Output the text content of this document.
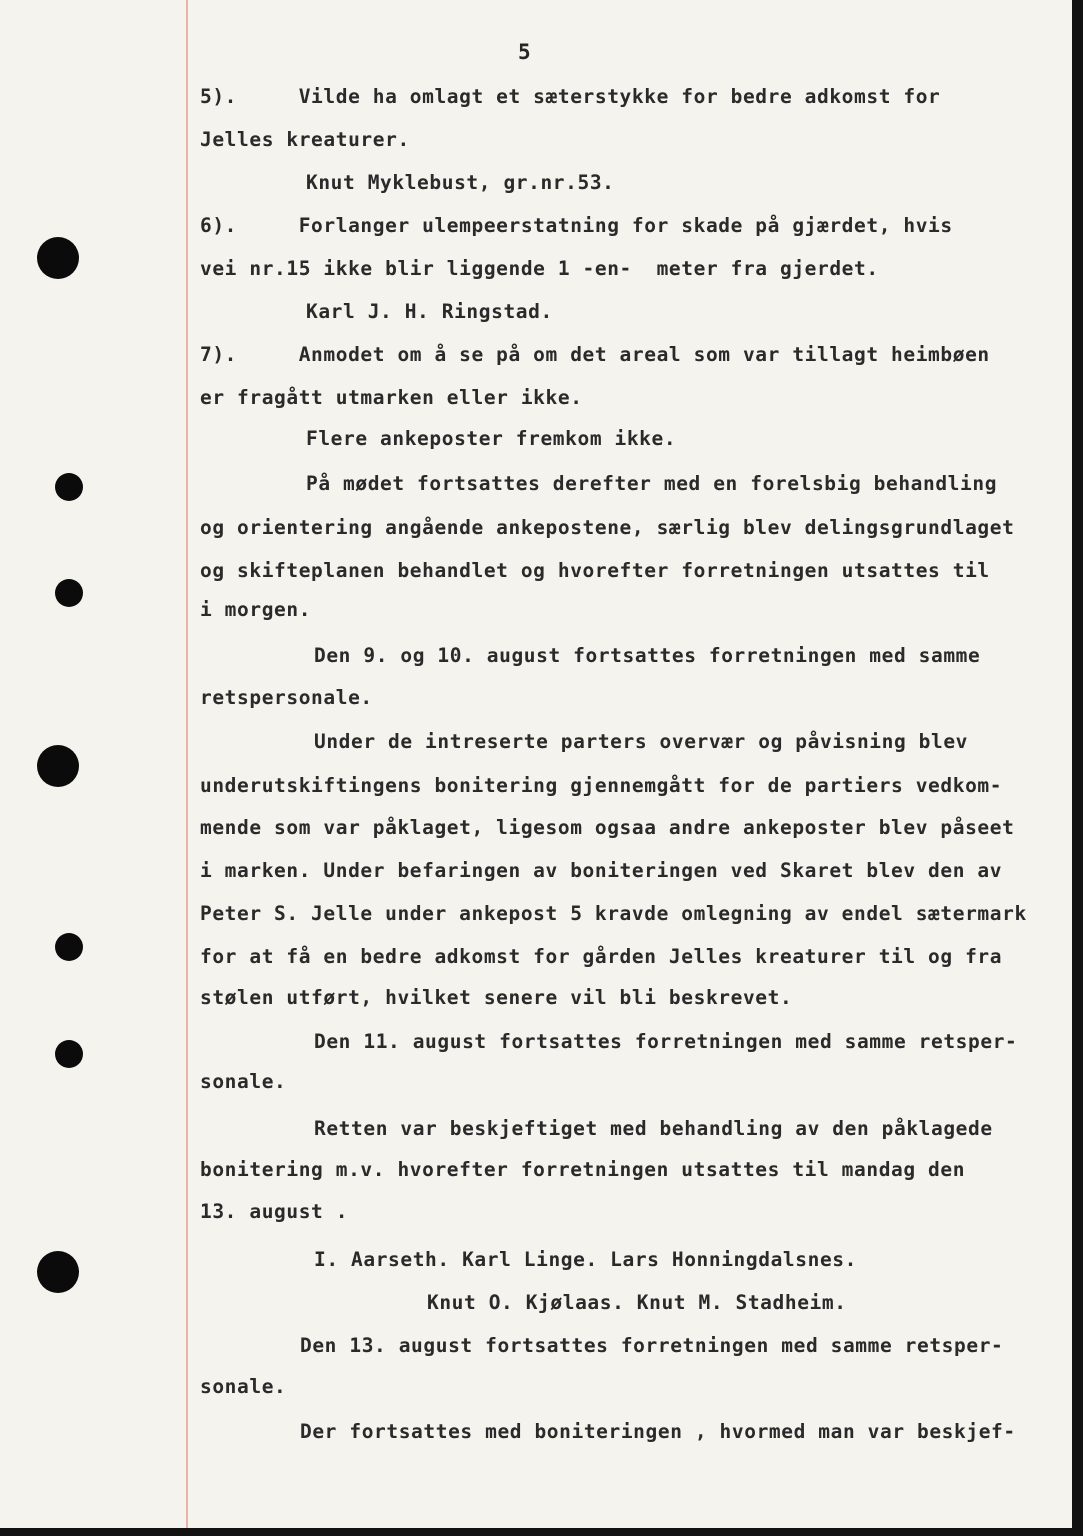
5
5).     Vilde ha omlagt et sæterstykke for bedre adkomst for
Jelles kreaturer.
Knut Myklebust, gr.nr.53.
6).     Forlanger ulempeerstatning for skade på gjærdet, hvis
vei nr.15 ikke blir liggende 1 -en-  meter fra gjerdet.
Karl J. H. Ringstad.
7).     Anmodet om å se på om det areal som var tillagt heimbøen
er fragått utmarken eller ikke.
Flere ankeposter fremkom ikke.
På mødet fortsattes derefter med en forelsbig behandling
og orientering angående ankepostene, særlig blev delingsgrundlaget
og skifteplanen behandlet og hvorefter forretningen utsattes til
i morgen.
Den 9. og 10. august fortsattes forretningen med samme
retspersonale.
Under de intreserte parters overvær og påvisning blev
underutskiftingens bonitering gjennemgått for de partiers vedkom-
mende som var påklaget, ligesom ogsaa andre ankeposter blev påseet
i marken. Under befaringen av boniteringen ved Skaret blev den av
Peter S. Jelle under ankepost 5 kravde omlegning av endel sætermark
for at få en bedre adkomst for gården Jelles kreaturer til og fra
stølen utført, hvilket senere vil bli beskrevet.
Den 11. august fortsattes forretningen med samme retsper-
sonale.
Retten var beskjeftiget med behandling av den påklagede
bonitering m.v. hvorefter forretningen utsattes til mandag den
13. august .
I. Aarseth. Karl Linge. Lars Honningdalsnes.
Knut O. Kjølaas. Knut M. Stadheim.
Den 13. august fortsattes forretningen med samme retsper-
sonale.
Der fortsattes med boniteringen , hvormed man var beskjef-
